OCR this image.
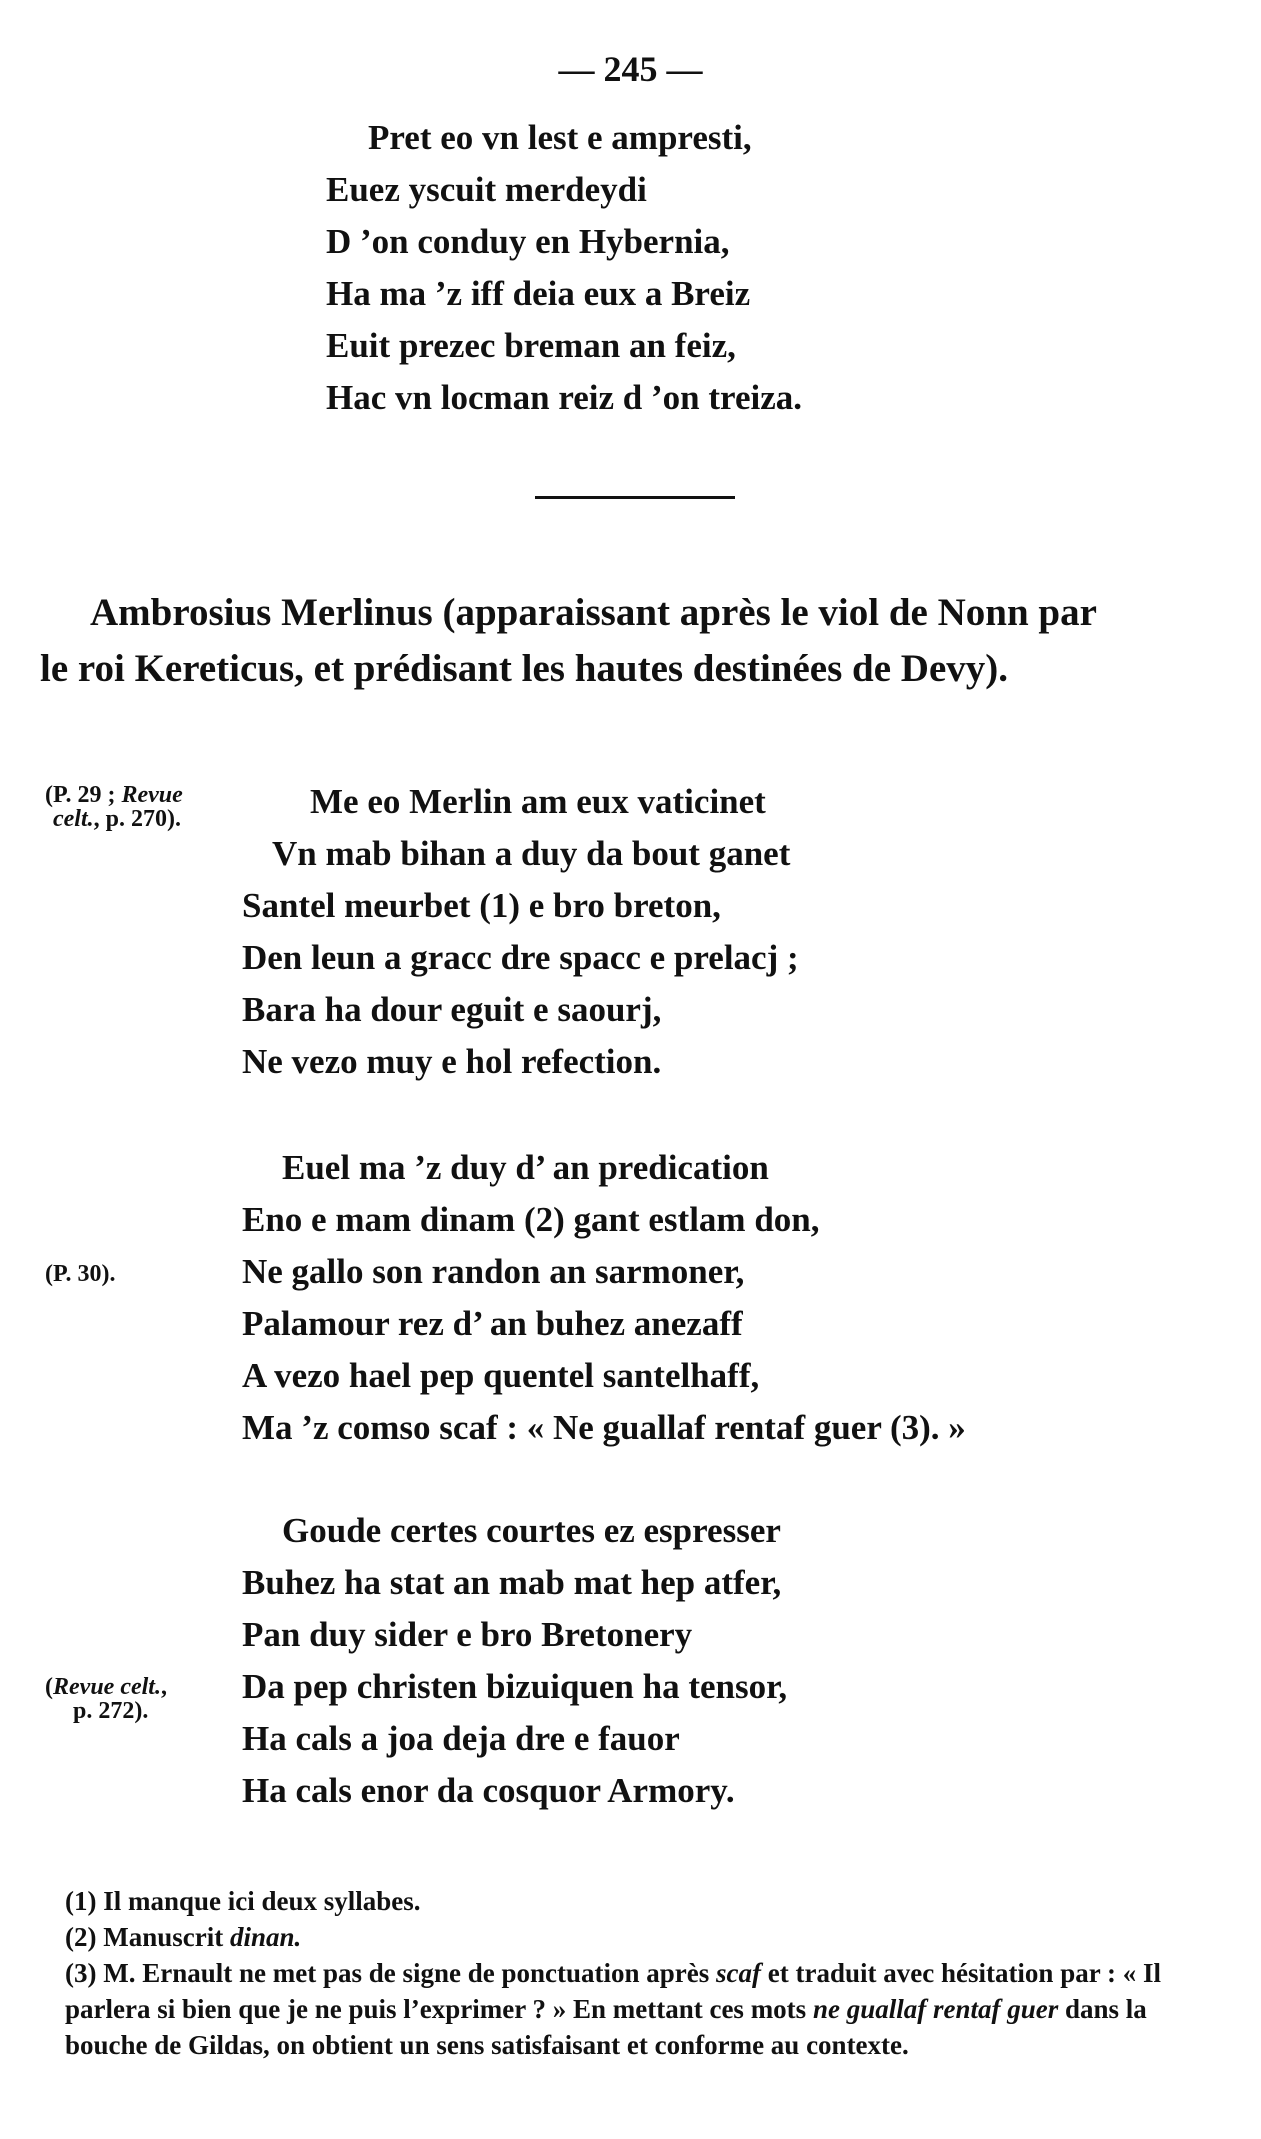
— 245 —
Pret eo vn lest e ampresti,
Euez yscuit merdeydi
D ’on conduy en Hybernia,
Ha ma ’z iff deia eux a Breiz
Euit prezec breman an feiz,
Hac vn locman reiz d ’on treiza.
Ambrosius Merlinus (apparaissant après le viol de Nonn par
le roi Kereticus, et prédisant les hautes destinées de Devy).
(P. 29 ; Revue
celt., p. 270).	Me eo Merlin am eux vaticinet
Vn mab bihan a duy da bout ganet
Santel meurbet (1) e bro breton,
Den leun a gracc dre spacc e prelacj ;
Bara ha dour eguit e saourj,
Ne vezo muy e hol refection.
(P. 30).
Euel ma ’z duy d’ an predication
Eno e mam dinam (2) gant estlam don,
Ne gallo son randon an sarmoner,
Palamour rez d’ an buhez anezaff
A vezo hael pep quentel santelhaff,
Ma ’z comso scaf : « Ne guallaf rentaf guer (3). »
(Revue celt.,
p. 272).
Goude certes courtes ez espresser
Buhez ha stat an mab mat hep atfer,
Pan duy sider e bro Bretonery
Da pep christen bizuiquen ha tensor,
Ha cals a joa deja dre e fauor
Ha cals enor da cosquor Armory.

(1) Il manque ici deux syllabes.

(2) Manuscrit dinan.

(3) M. Ernault ne met pas de signe de ponctuation après scaf et traduit avec hésitation par : « Il parlera si bien que je ne puis l’exprimer ? » En mettant ces mots ne guallaf rentaf guer dans la bouche de Gildas, on obtient un sens satisfaisant et conforme au contexte.
